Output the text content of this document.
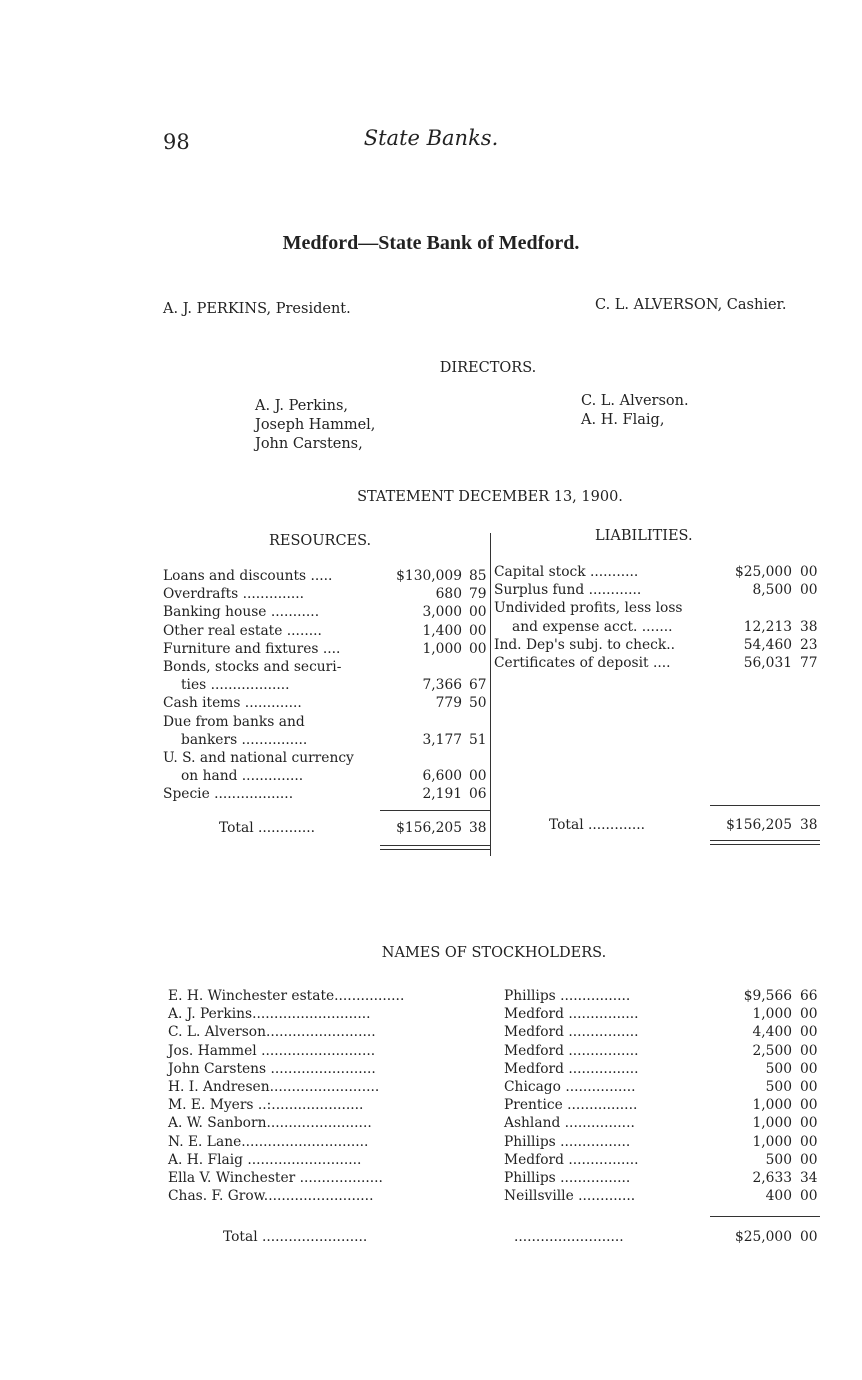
98	State Banks.
Medford—State Bank of Medford.
A. J. PERKINS, President.	C. L. ALVERSON, Cashier.
DIRECTORS.
A. J. Perkins,
Joseph Hammel,
John Carstens,
C. L. Alverson.
A. H. Flaig,
STATEMENT DECEMBER 13, 1900.
RESOURCES.	LIABILITIES.
Loans and discounts .....	$130,009 85
Overdrafts ..............	680 79
Banking house ...........	3,000 00
Other real estate ........	1,400 00
Furniture and fixtures ....	1,000 00
Bonds, stocks and securi-
ties ..................	7,366 67
Cash items .............	779 50
Due from banks and
bankers ...............	3,177 51
U. S. and national currency
on hand ..............	6,600 00
Specie ..................	2,191 06
Total .............	$156,205 38
Capital stock ...........	$25,000 00
Surplus fund ............	8,500 00
Undivided profits, less loss
and expense acct. .......	12,213 38
Ind. Dep's subj. to check..	54,460 23
Certificates of deposit ....	56,031 77
Total .............	$156,205 38
NAMES OF STOCKHOLDERS.
E. H. Winchester estate................	Phillips ................	$9,566 66
A. J. Perkins...........................	Medford ................	1,000 00
C. L. Alverson.........................	Medford ................	4,400 00
Jos. Hammel ..........................	Medford ................	2,500 00
John Carstens ........................	Medford ................	500 00
H. I. Andresen.........................	Chicago ................	500 00
M. E. Myers ..:.....................	Prentice ................	1,000 00
A. W. Sanborn........................	Ashland ................	1,000 00
N. E. Lane.............................	Phillips ................	1,000 00
A. H. Flaig ..........................	Medford ................	500 00
Ella V. Winchester ...................	Phillips ................	2,633 34
Chas. F. Grow.........................	Neillsville .............	400 00
Total ........................	.........................	$25,000 00
